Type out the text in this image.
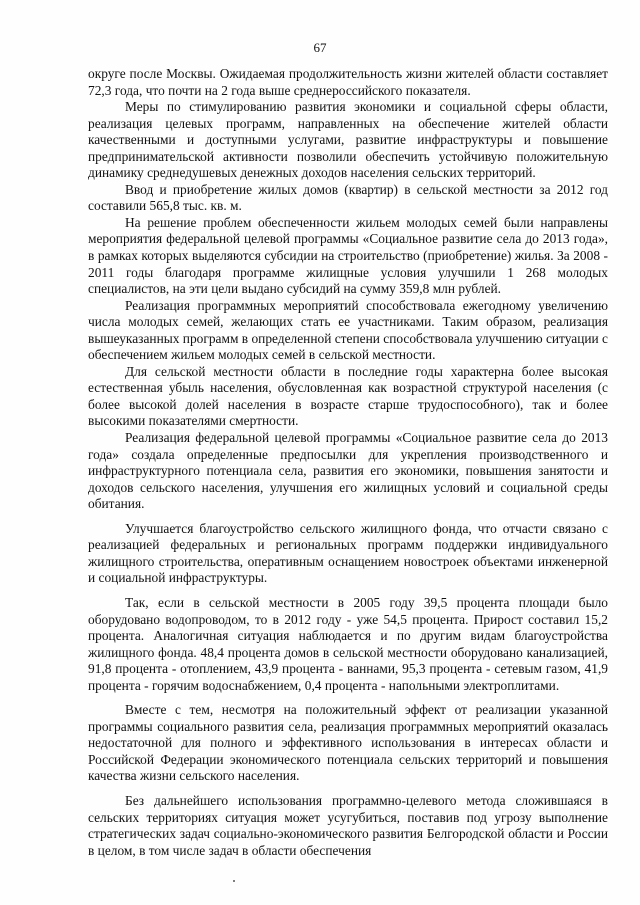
67

округе после Москвы. Ожидаемая продолжительность жизни жителей области составляет 72,3 года, что почти на 2 года выше среднероссийского показателя.

Меры по стимулированию развития экономики и социальной сферы области, реализация целевых программ, направленных на обеспечение жителей области качественными и доступными услугами, развитие инфраструктуры и повышение предпринимательской активности позволили обеспечить устойчивую положительную динамику среднедушевых денежных доходов населения сельских территорий.

Ввод и приобретение жилых домов (квартир) в сельской местности за 2012 год составили 565,8 тыс. кв. м.

На решение проблем обеспеченности жильем молодых семей были направлены мероприятия федеральной целевой программы «Социальное развитие села до 2013 года», в рамках которых выделяются субсидии на строительство (приобретение) жилья. За 2008 - 2011 годы благодаря программе жилищные условия улучшили 1 268 молодых специалистов, на эти цели выдано субсидий на сумму 359,8 млн рублей.

Реализация программных мероприятий способствовала ежегодному увеличению числа молодых семей, желающих стать ее участниками. Таким образом, реализация вышеуказанных программ в определенной степени способствовала улучшению ситуации с обеспечением жильем молодых семей в сельской местности.

Для сельской местности области в последние годы характерна более высокая естественная убыль населения, обусловленная как возрастной структурой населения (с более высокой долей населения в возрасте старше трудоспособного), так и более высокими показателями смертности.

Реализация федеральной целевой программы «Социальное развитие села до 2013 года» создала определенные предпосылки для укрепления производственного и инфраструктурного потенциала села, развития его экономики, повышения занятости и доходов сельского населения, улучшения его жилищных условий и социальной среды обитания.

Улучшается благоустройство сельского жилищного фонда, что отчасти связано с реализацией федеральных и региональных программ поддержки индивидуального жилищного строительства, оперативным оснащением новостроек объектами инженерной и социальной инфраструктуры.

Так, если в сельской местности в 2005 году 39,5 процента площади было оборудовано водопроводом, то в 2012 году - уже 54,5 процента. Прирост составил 15,2 процента. Аналогичная ситуация наблюдается и по другим видам благоустройства жилищного фонда. 48,4 процента домов в сельской местности оборудовано канализацией, 91,8 процента - отоплением, 43,9 процента - ваннами, 95,3 процента - сетевым газом, 41,9 процента - горячим водоснабжением, 0,4 процента - напольными электроплитами.

Вместе с тем, несмотря на положительный эффект от реализации указанной программы социального развития села, реализация программных мероприятий оказалась недостаточной для полного и эффективного использования в интересах области и Российской Федерации экономического потенциала сельских территорий и повышения качества жизни сельского населения.

Без дальнейшего использования программно-целевого метода сложившаяся в сельских территориях ситуация может усугубиться, поставив под угрозу выполнение стратегических задач социально-экономического развития Белгородской области и России в целом, в том числе задач в области обеспечения
